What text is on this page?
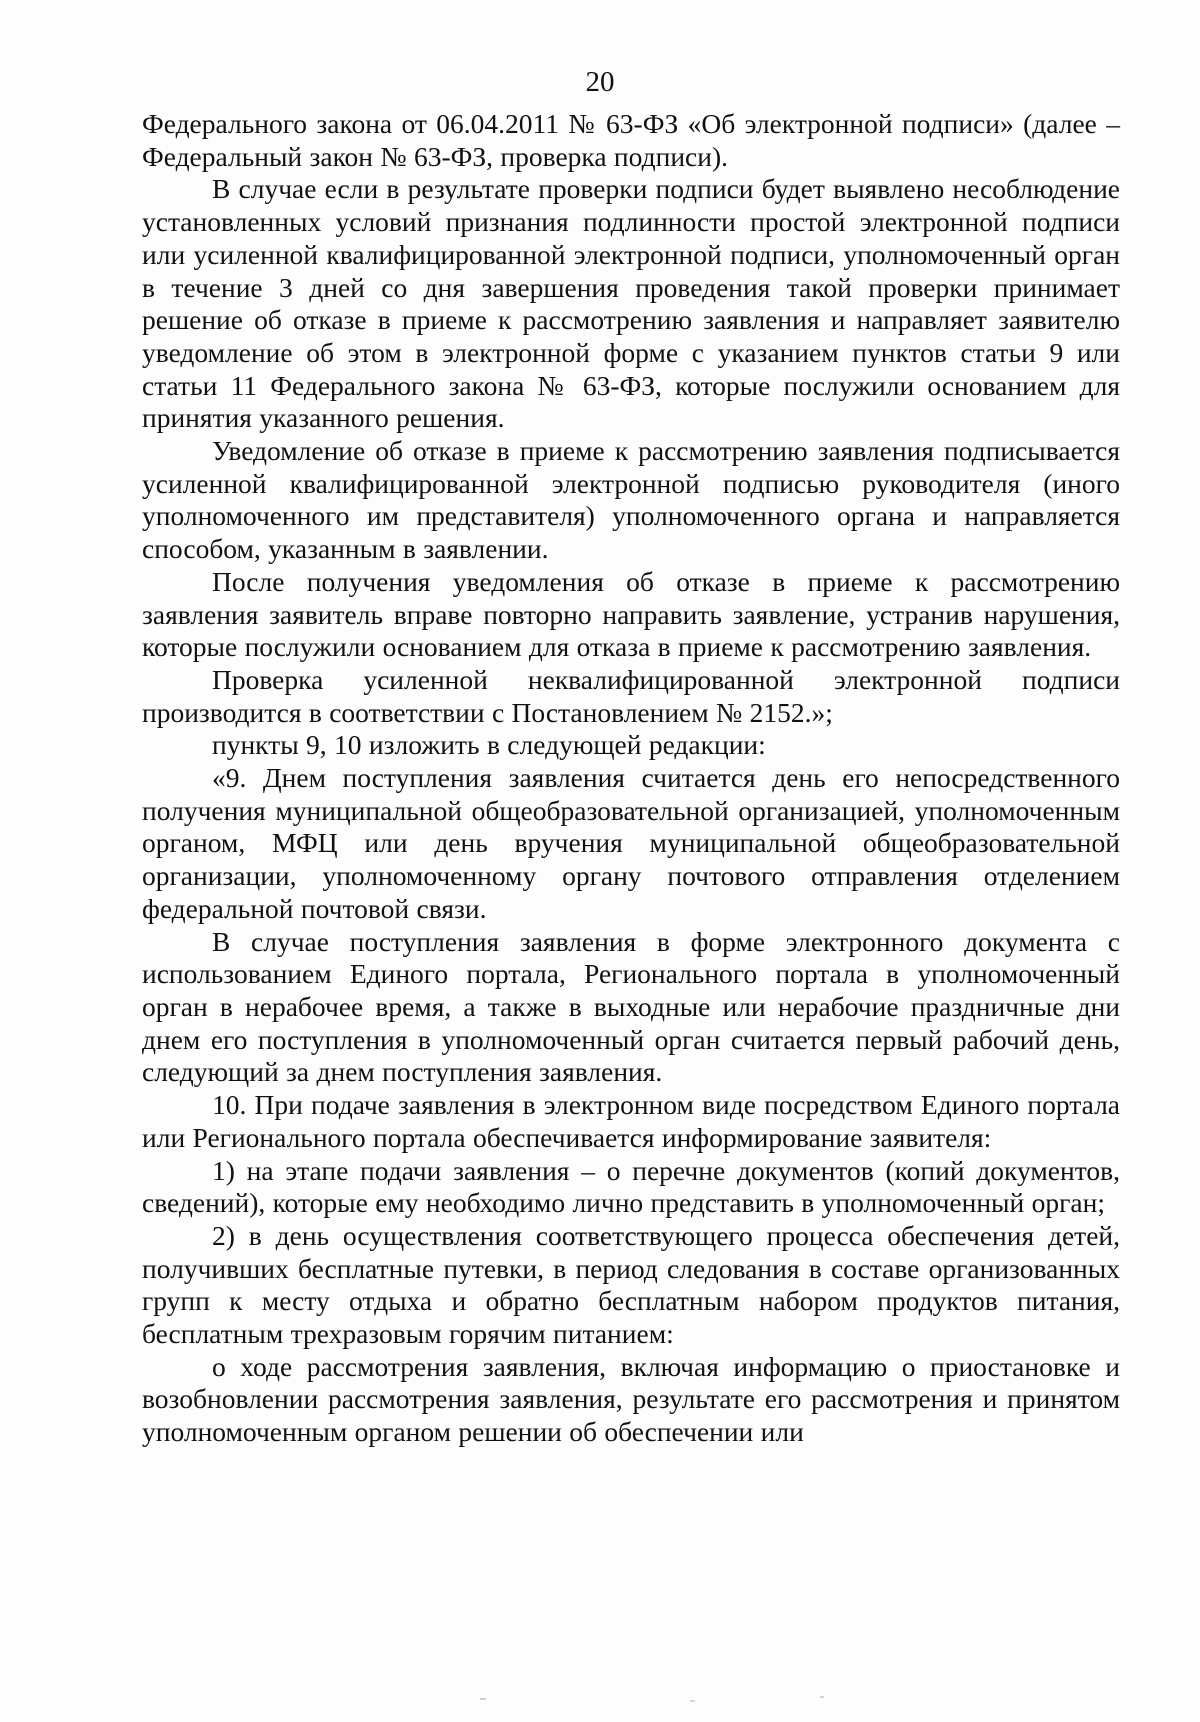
20

Федерального закона от 06.04.2011 № 63-ФЗ «Об электронной подписи» (далее – Федеральный закон № 63-ФЗ, проверка подписи).

В случае если в результате проверки подписи будет выявлено несоблюдение установленных условий признания подлинности простой электронной подписи или усиленной квалифицированной электронной подписи, уполномоченный орган в течение 3 дней со дня завершения проведения такой проверки принимает решение об отказе в приеме к рассмотрению заявления и направляет заявителю уведомление об этом в электронной форме с указанием пунктов статьи 9 или статьи 11 Федерального закона № 63-ФЗ, которые послужили основанием для принятия указанного решения.

Уведомление об отказе в приеме к рассмотрению заявления подписывается усиленной квалифицированной электронной подписью руководителя (иного уполномоченного им представителя) уполномоченного органа и направляется способом, указанным в заявлении.

После получения уведомления об отказе в приеме к рассмотрению заявления заявитель вправе повторно направить заявление, устранив нарушения, которые послужили основанием для отказа в приеме к рассмотрению заявления.

Проверка усиленной неквалифицированной электронной подписи производится в соответствии с Постановлением № 2152.»;

пункты 9, 10 изложить в следующей редакции:

«9. Днем поступления заявления считается день его непосредственного получения муниципальной общеобразовательной организацией, уполномоченным органом, МФЦ или день вручения муниципальной общеобразовательной организации, уполномоченному органу почтового отправления отделением федеральной почтовой связи.

В случае поступления заявления в форме электронного документа с использованием Единого портала, Регионального портала в уполномоченный орган в нерабочее время, а также в выходные или нерабочие праздничные дни днем его поступления в уполномоченный орган считается первый рабочий день, следующий за днем поступления заявления.

10. При подаче заявления в электронном виде посредством Единого портала или Регионального портала обеспечивается информирование заявителя:

1) на этапе подачи заявления – о перечне документов (копий документов, сведений), которые ему необходимо лично представить в уполномоченный орган;

2) в день осуществления соответствующего процесса обеспечения детей, получивших бесплатные путевки, в период следования в составе организованных групп к месту отдыха и обратно бесплатным набором продуктов питания, бесплатным трехразовым горячим питанием:

о ходе рассмотрения заявления, включая информацию о приостановке и возобновлении рассмотрения заявления, результате его рассмотрения и принятом уполномоченным органом решении об обеспечении или
